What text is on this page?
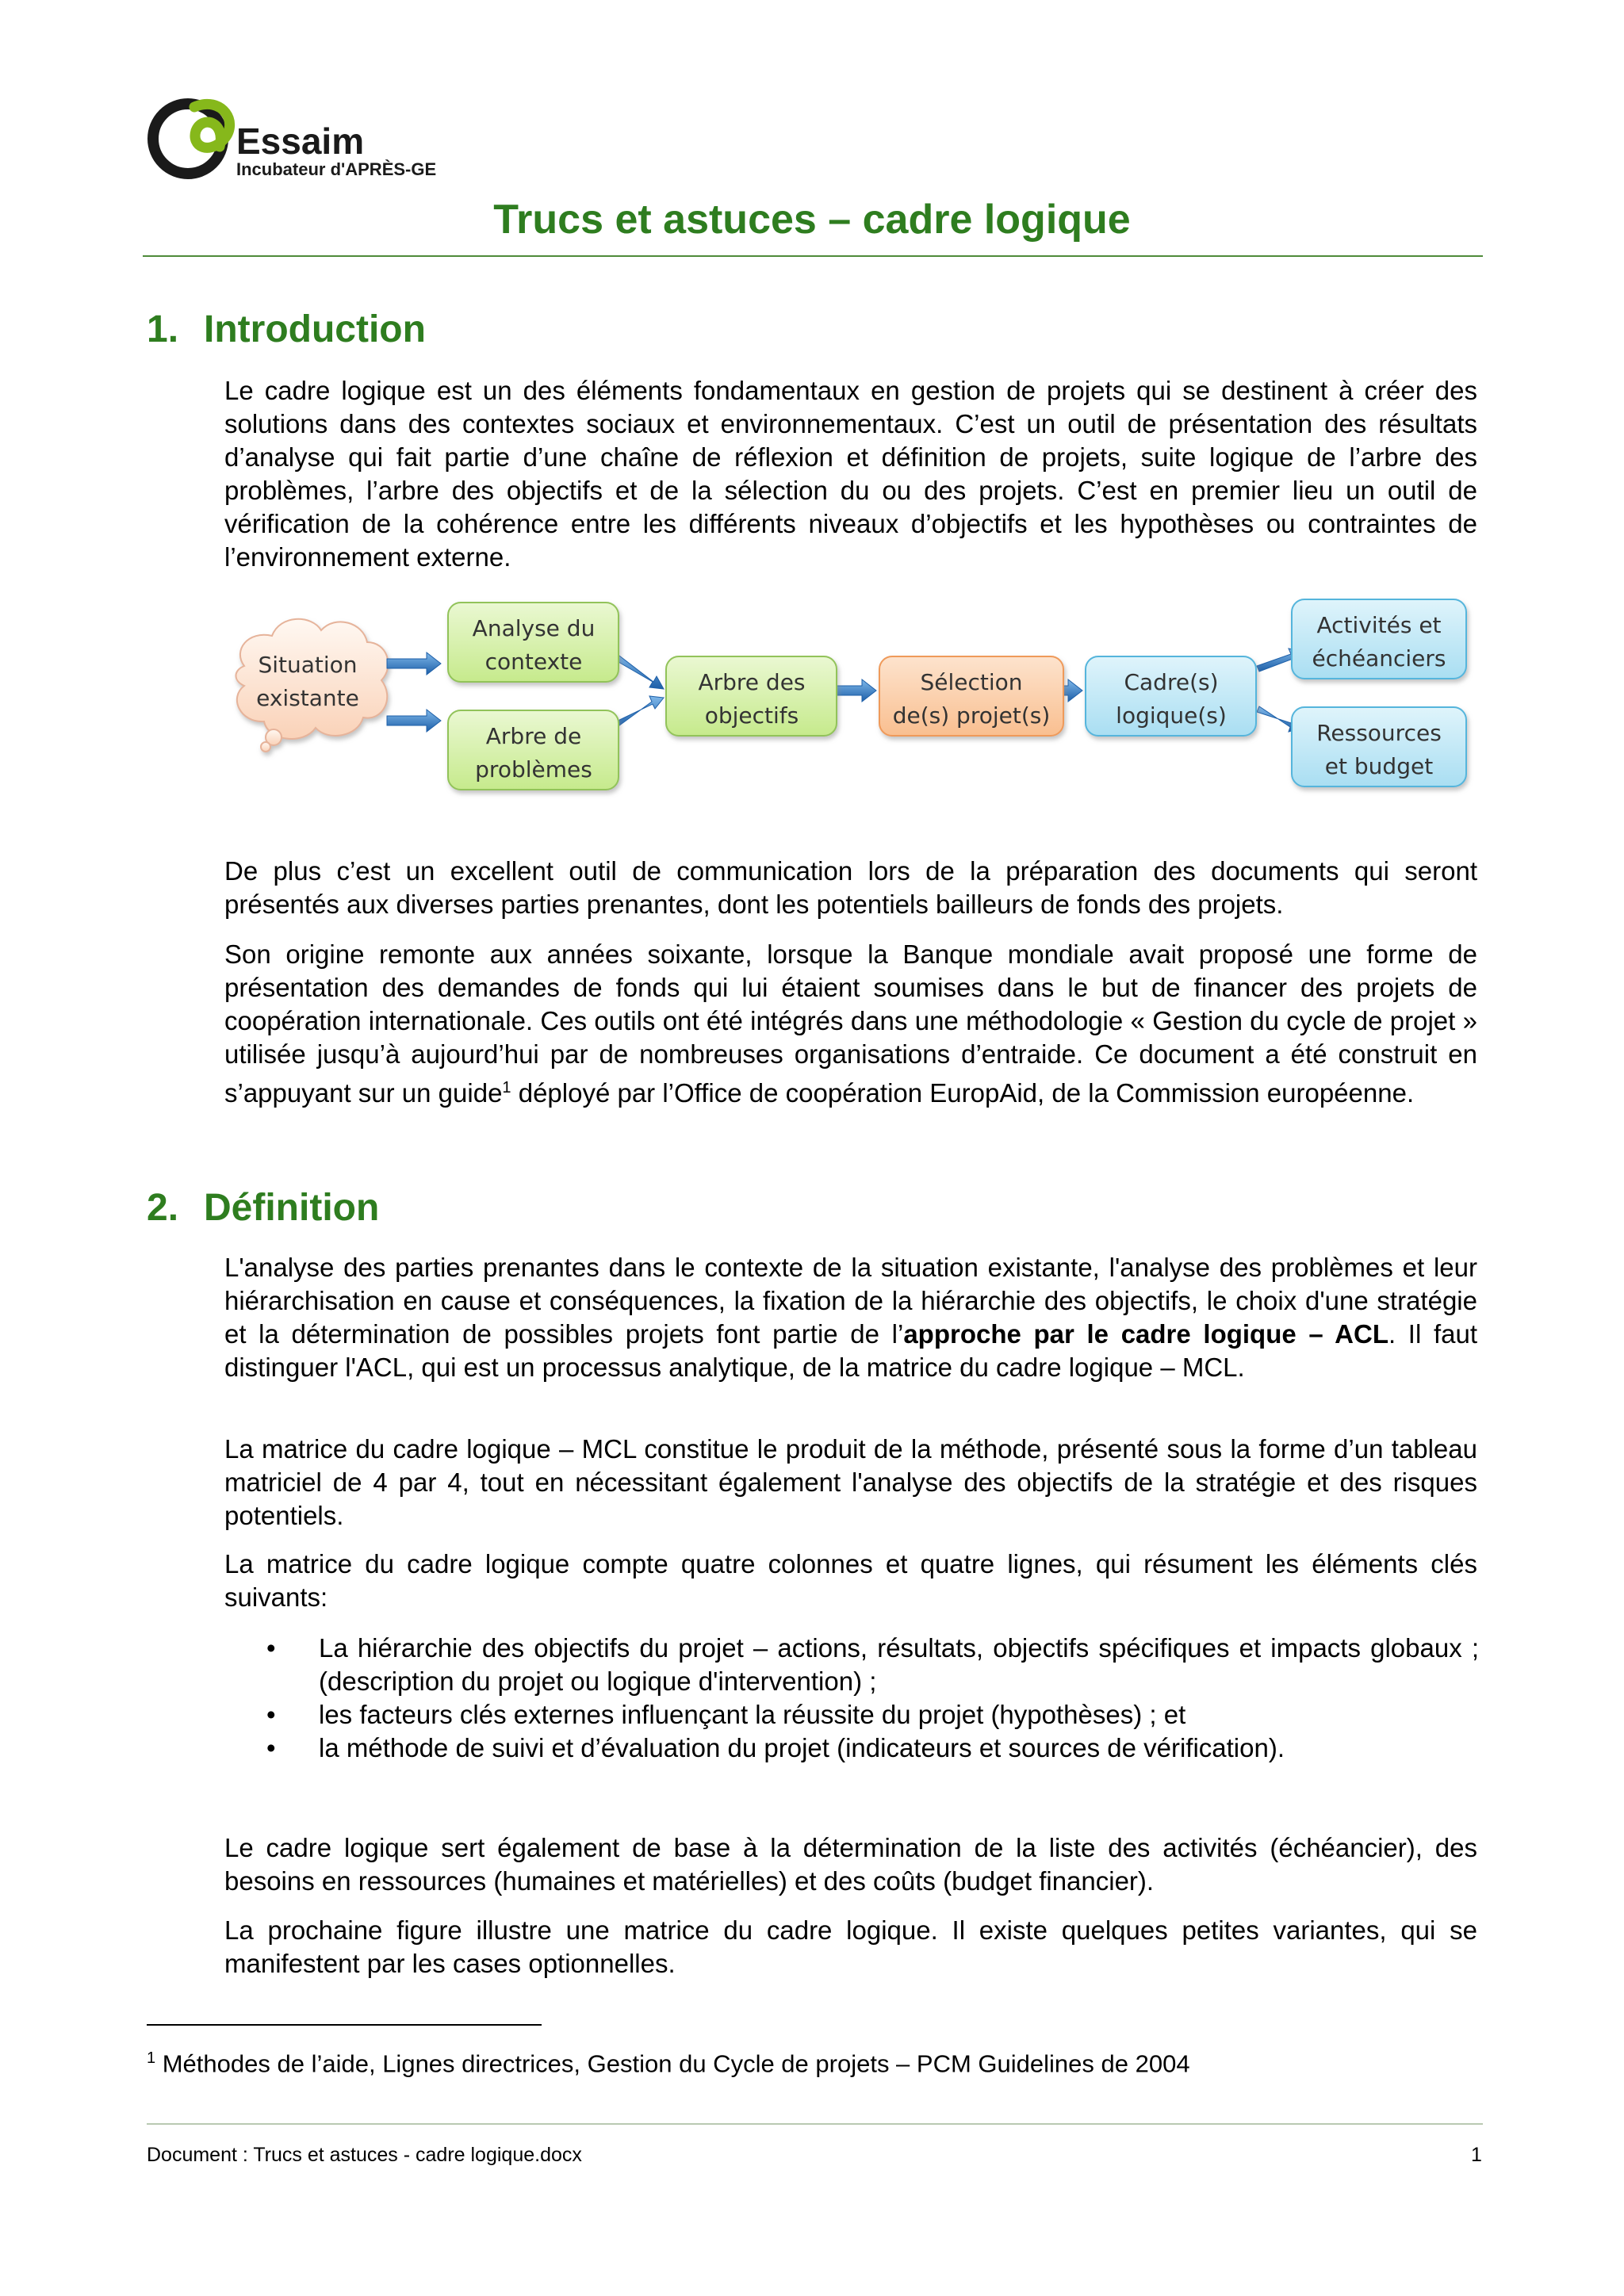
Essaim
Incubateur d'APRÈS-GE
Trucs et astuces – cadre logique
1. Introduction

Le cadre logique est un des éléments fondamentaux en gestion de projets qui se destinent à créer des solutions dans des contextes sociaux et environnementaux. C’est un outil de présentation des résultats d’analyse qui fait partie d’une chaîne de réflexion et définition de projets, suite logique de l’arbre des problèmes, l’arbre des objectifs et de la sélection du ou des projets. C’est en premier lieu un outil de vérification de la cohérence entre les différents niveaux d’objectifs et les hypothèses ou contraintes de l’environnement externe.

Situation
existante
Analyse du
contexte
Arbre de
problèmes
Arbre des
objectifs
Sélection
de(s) projet(s)
Cadre(s)
logique(s)
Activités et
échéanciers
Ressources
et budget

De plus c’est un excellent outil de communication lors de la préparation des documents qui seront présentés aux diverses parties prenantes, dont les potentiels bailleurs de fonds des projets.

Son origine remonte aux années soixante, lorsque la Banque mondiale avait proposé une forme de présentation des demandes de fonds qui lui étaient soumises dans le but de financer des projets de coopération internationale. Ces outils ont été intégrés dans une méthodologie « Gestion du cycle de projet » utilisée jusqu’à aujourd’hui par de nombreuses organisations d’entraide. Ce document a été construit en s’appuyant sur un guide$^1$ déployé par l’Office de coopération EuropAid, de la Commission européenne.

2. Définition

L'analyse des parties prenantes dans le contexte de la situation existante, l'analyse des problèmes et leur hiérarchisation en cause et conséquences, la fixation de la hiérarchie des objectifs, le choix d'une stratégie et la détermination de possibles projets font partie de l’approche par le cadre logique – ACL. Il faut distinguer l'ACL, qui est un processus analytique, de la matrice du cadre logique – MCL.

La matrice du cadre logique – MCL constitue le produit de la méthode, présenté sous la forme d’un tableau matriciel de 4 par 4, tout en nécessitant également l'analyse des objectifs de la stratégie et des risques potentiels.

La matrice du cadre logique compte quatre colonnes et quatre lignes, qui résument les éléments clés suivants:

• La hiérarchie des objectifs du projet – actions, résultats, objectifs spécifiques et impacts globaux ; (description du projet ou logique d'intervention) ;
• les facteurs clés externes influençant la réussite du projet (hypothèses) ; et
• la méthode de suivi et d’évaluation du projet (indicateurs et sources de vérification).

Le cadre logique sert également de base à la détermination de la liste des activités (échéancier), des besoins en ressources (humaines et matérielles) et des coûts (budget financier).

La prochaine figure illustre une matrice du cadre logique. Il existe quelques petites variantes, qui se manifestent par les cases optionnelles.

$^1$ Méthodes de l’aide, Lignes directrices, Gestion du Cycle de projets – PCM Guidelines de 2004
Document : Trucs et astuces - cadre logique.docx	1
